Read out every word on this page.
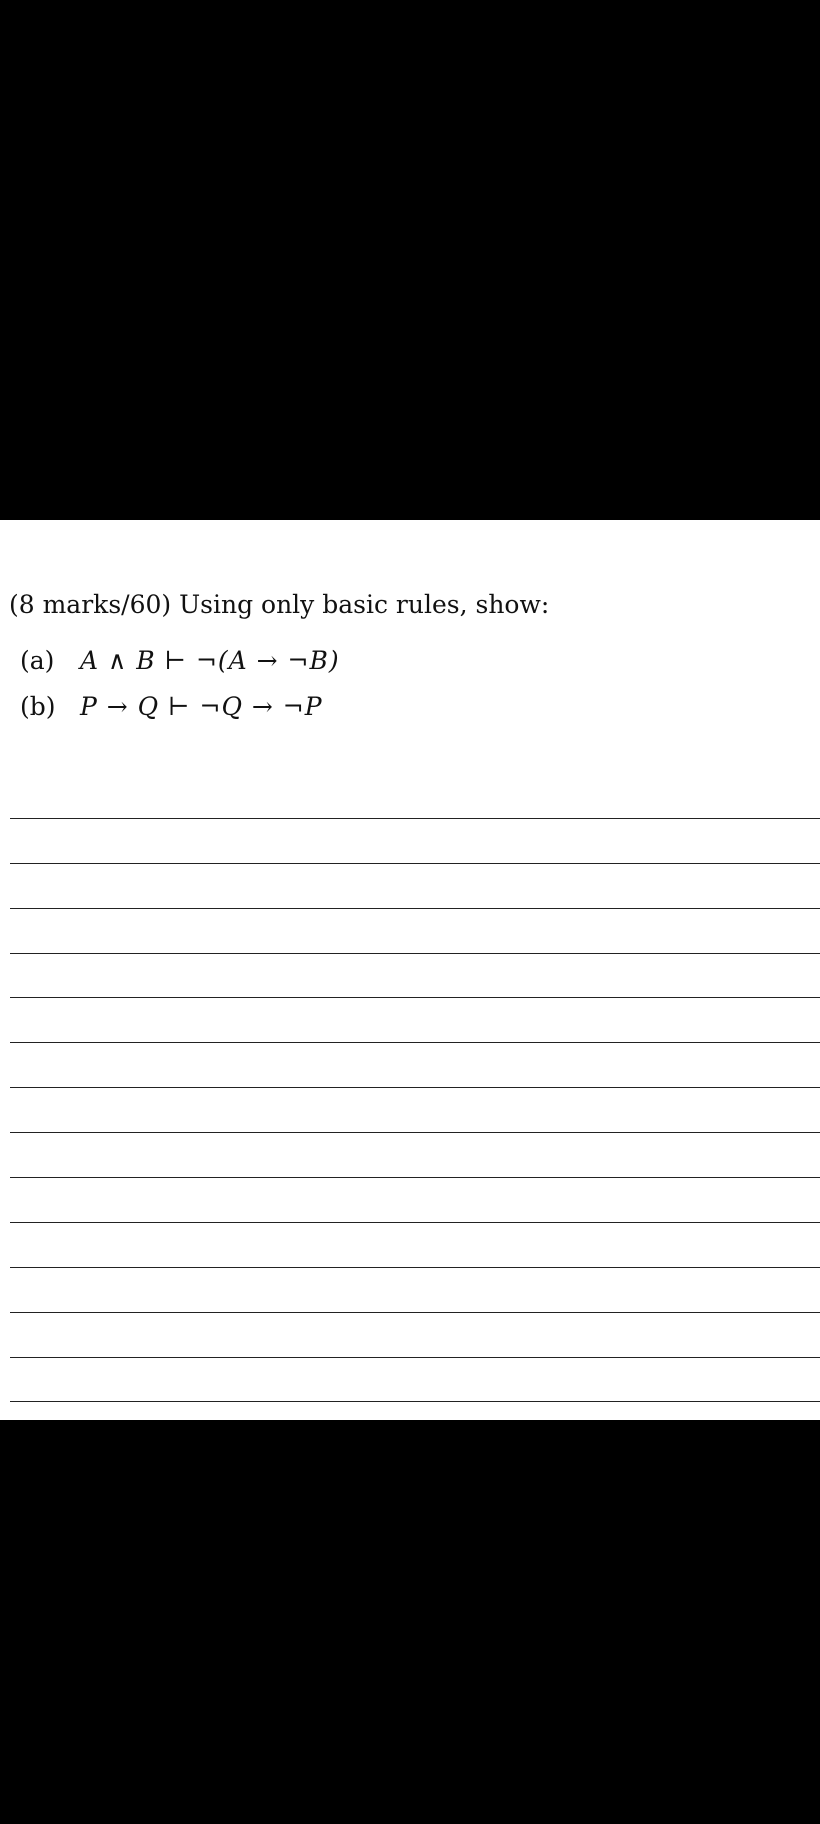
(8 marks/60) Using only basic rules, show:
(a) A ∧ B ⊢ ¬(A → ¬B)
(b) P → Q ⊢ ¬Q → ¬P
